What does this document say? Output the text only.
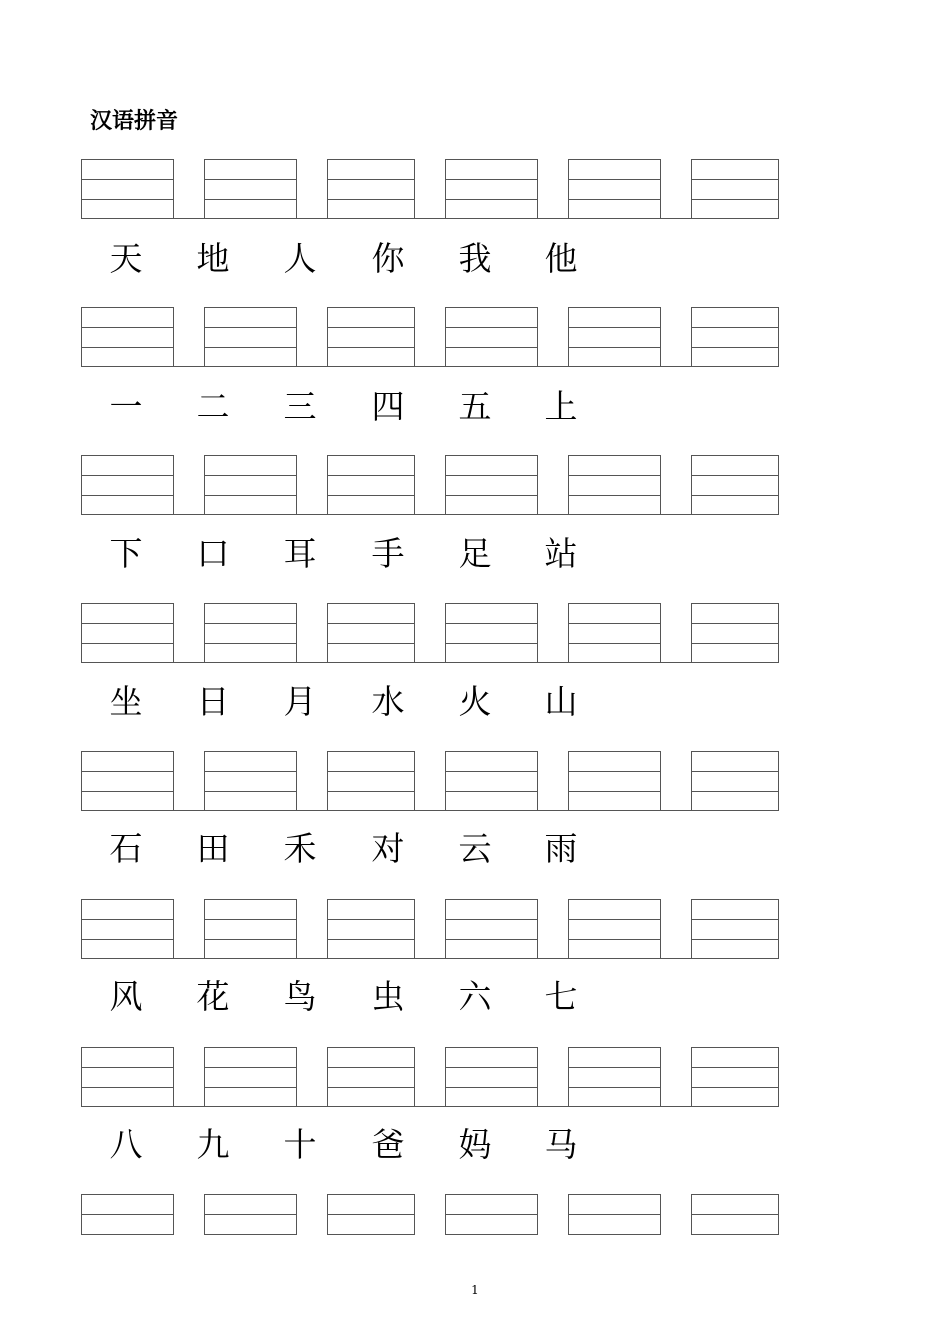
汉语拼音
天	地	人	你	我	他
一	二	三	四	五	上
下	口	耳	手	足	站
坐	日	月	水	火	山
石	田	禾	对	云	雨
风	花	鸟	虫	六	七
八	九	十	爸	妈	马
1
